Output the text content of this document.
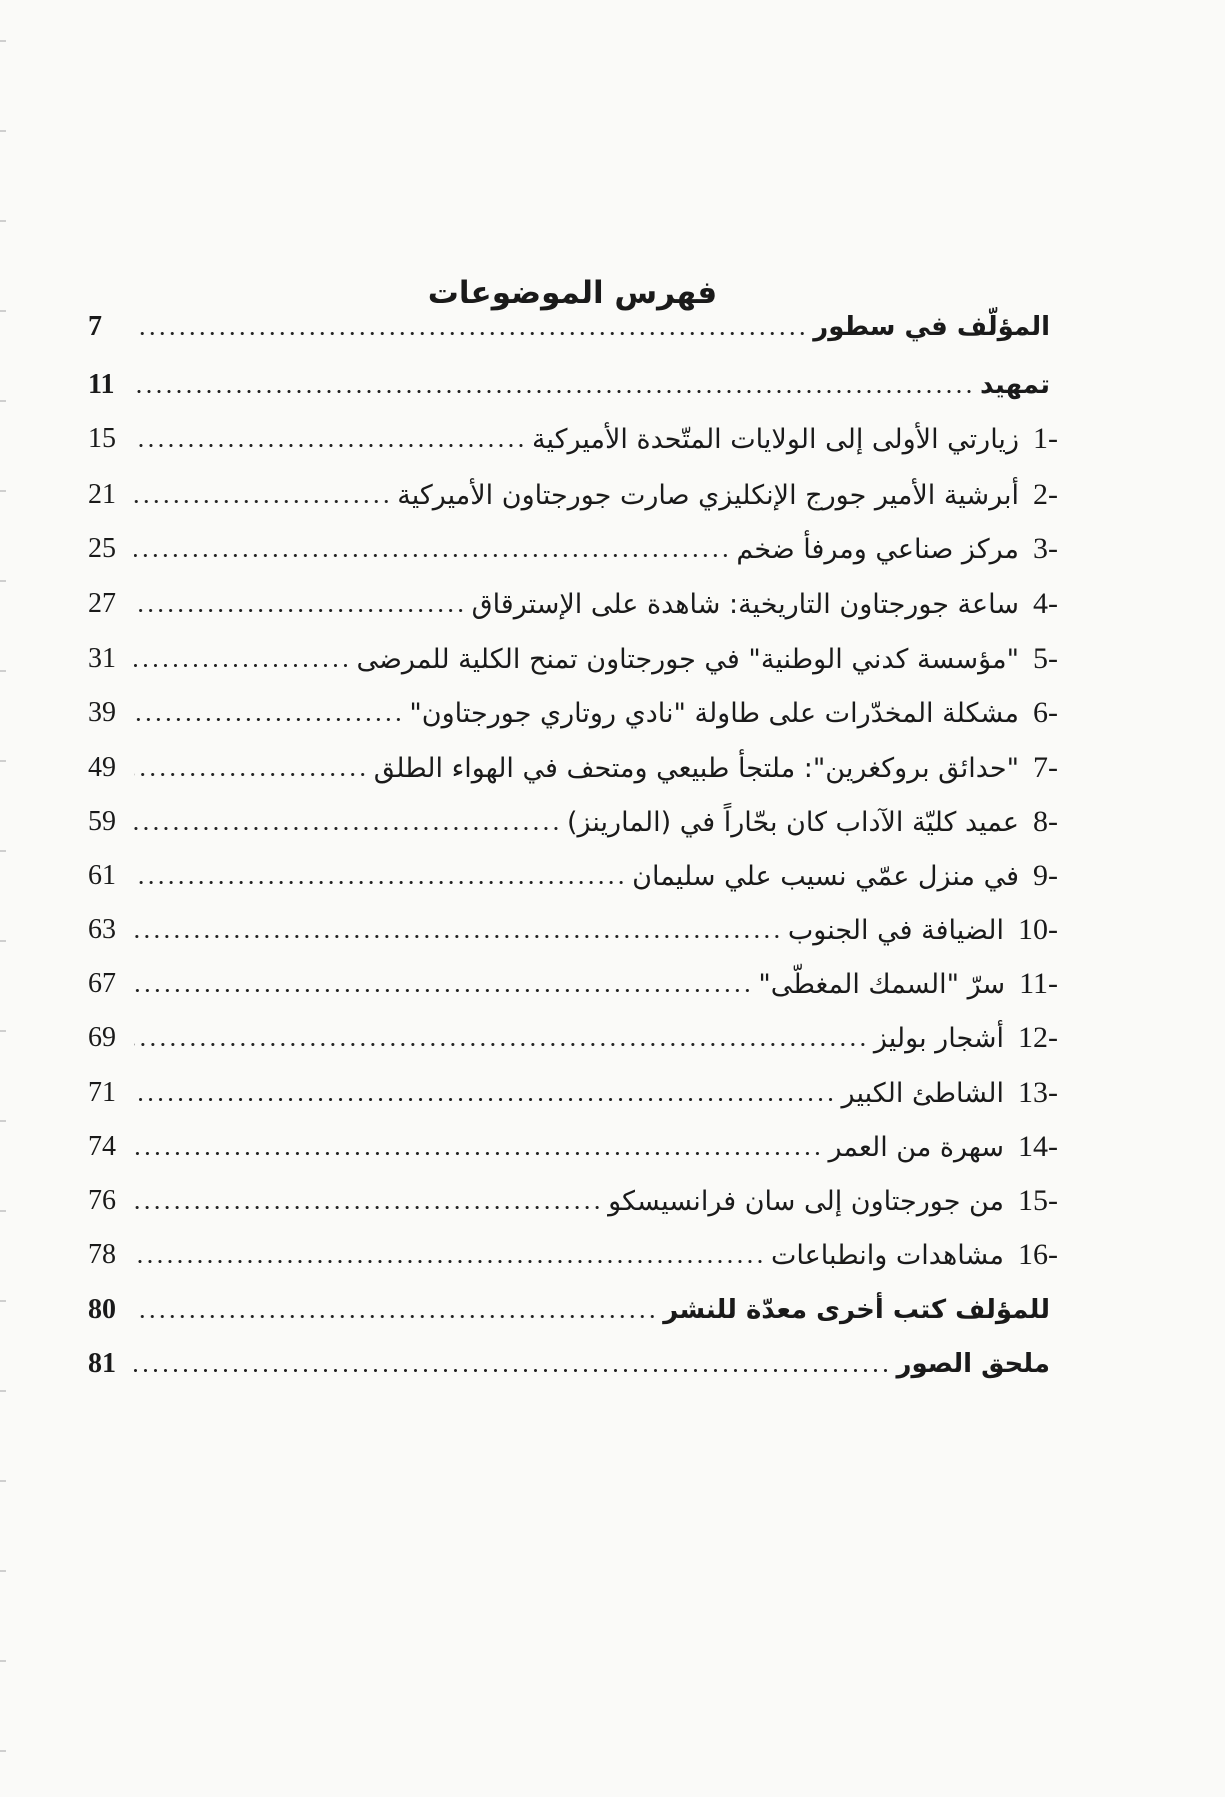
فهرس الموضوعات
المؤلّف في سطور
7
تمهيد
11
1-
زيارتي الأولى إلى الولايات المتّحدة الأميركية
15
2-
أبرشية الأمير جورج الإنكليزي صارت جورجتاون الأميركية
21
3-
مركز صناعي ومرفأ ضخم
25
4-
ساعة جورجتاون التاريخية: شاهدة على الإسترقاق
27
5-
"مؤسسة كدني الوطنية" في جورجتاون تمنح الكلية للمرضى
31
6-
مشكلة المخدّرات على طاولة "نادي روتاري جورجتاون"
39
7-
"حدائق بروكغرين": ملتجأ طبيعي ومتحف في الهواء الطلق
49
8-
عميد كليّة الآداب كان بحّاراً في (المارينز)
59
9-
في منزل عمّي نسيب علي سليمان
61
10-
الضيافة في الجنوب
63
11-
سرّ "السمك المغطّى"
67
12-
أشجار بوليز
69
13-
الشاطئ الكبير
71
14-
سهرة من العمر
74
15-
من جورجتاون إلى سان فرانسيسكو
76
16-
مشاهدات وانطباعات
78
للمؤلف كتب أخرى معدّة للنشر
80
ملحق الصور
81
